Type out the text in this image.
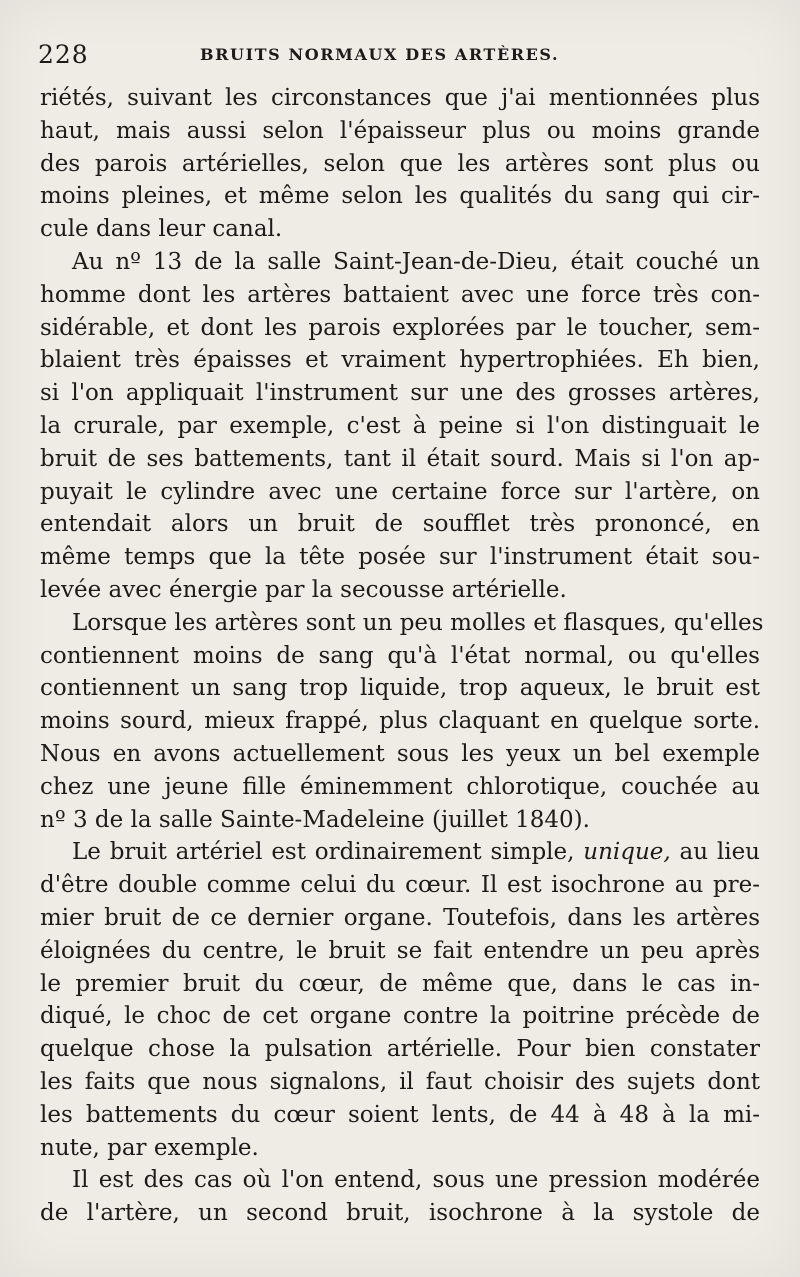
228	BRUITS NORMAUX DES ARTÈRES.
riétés, suivant les circonstances que j'ai mentionnées plus
haut, mais aussi selon l'épaisseur plus ou moins grande
des parois artérielles, selon que les artères sont plus ou
moins pleines, et même selon les qualités du sang qui cir-
cule dans leur canal.
Au nº 13 de la salle Saint-Jean-de-Dieu, était couché un
homme dont les artères battaient avec une force très con-
sidérable, et dont les parois explorées par le toucher, sem-
blaient très épaisses et vraiment hypertrophiées. Eh bien,
si l'on appliquait l'instrument sur une des grosses artères,
la crurale, par exemple, c'est à peine si l'on distinguait le
bruit de ses battements, tant il était sourd. Mais si l'on ap-
puyait le cylindre avec une certaine force sur l'artère, on
entendait alors un bruit de soufflet très prononcé, en
même temps que la tête posée sur l'instrument était sou-
levée avec énergie par la secousse artérielle.
Lorsque les artères sont un peu molles et flasques, qu'elles
contiennent moins de sang qu'à l'état normal, ou qu'elles
contiennent un sang trop liquide, trop aqueux, le bruit est
moins sourd, mieux frappé, plus claquant en quelque sorte.
Nous en avons actuellement sous les yeux un bel exemple
chez une jeune fille éminemment chlorotique, couchée au
nº 3 de la salle Sainte-Madeleine (juillet 1840).
Le bruit artériel est ordinairement simple, unique, au lieu
d'être double comme celui du cœur. Il est isochrone au pre-
mier bruit de ce dernier organe. Toutefois, dans les artères
éloignées du centre, le bruit se fait entendre un peu après
le premier bruit du cœur, de même que, dans le cas in-
diqué, le choc de cet organe contre la poitrine précède de
quelque chose la pulsation artérielle. Pour bien constater
les faits que nous signalons, il faut choisir des sujets dont
les battements du cœur soient lents, de 44 à 48 à la mi-
nute, par exemple.
Il est des cas où l'on entend, sous une pression modérée
de l'artère, un second bruit, isochrone à la systole de
